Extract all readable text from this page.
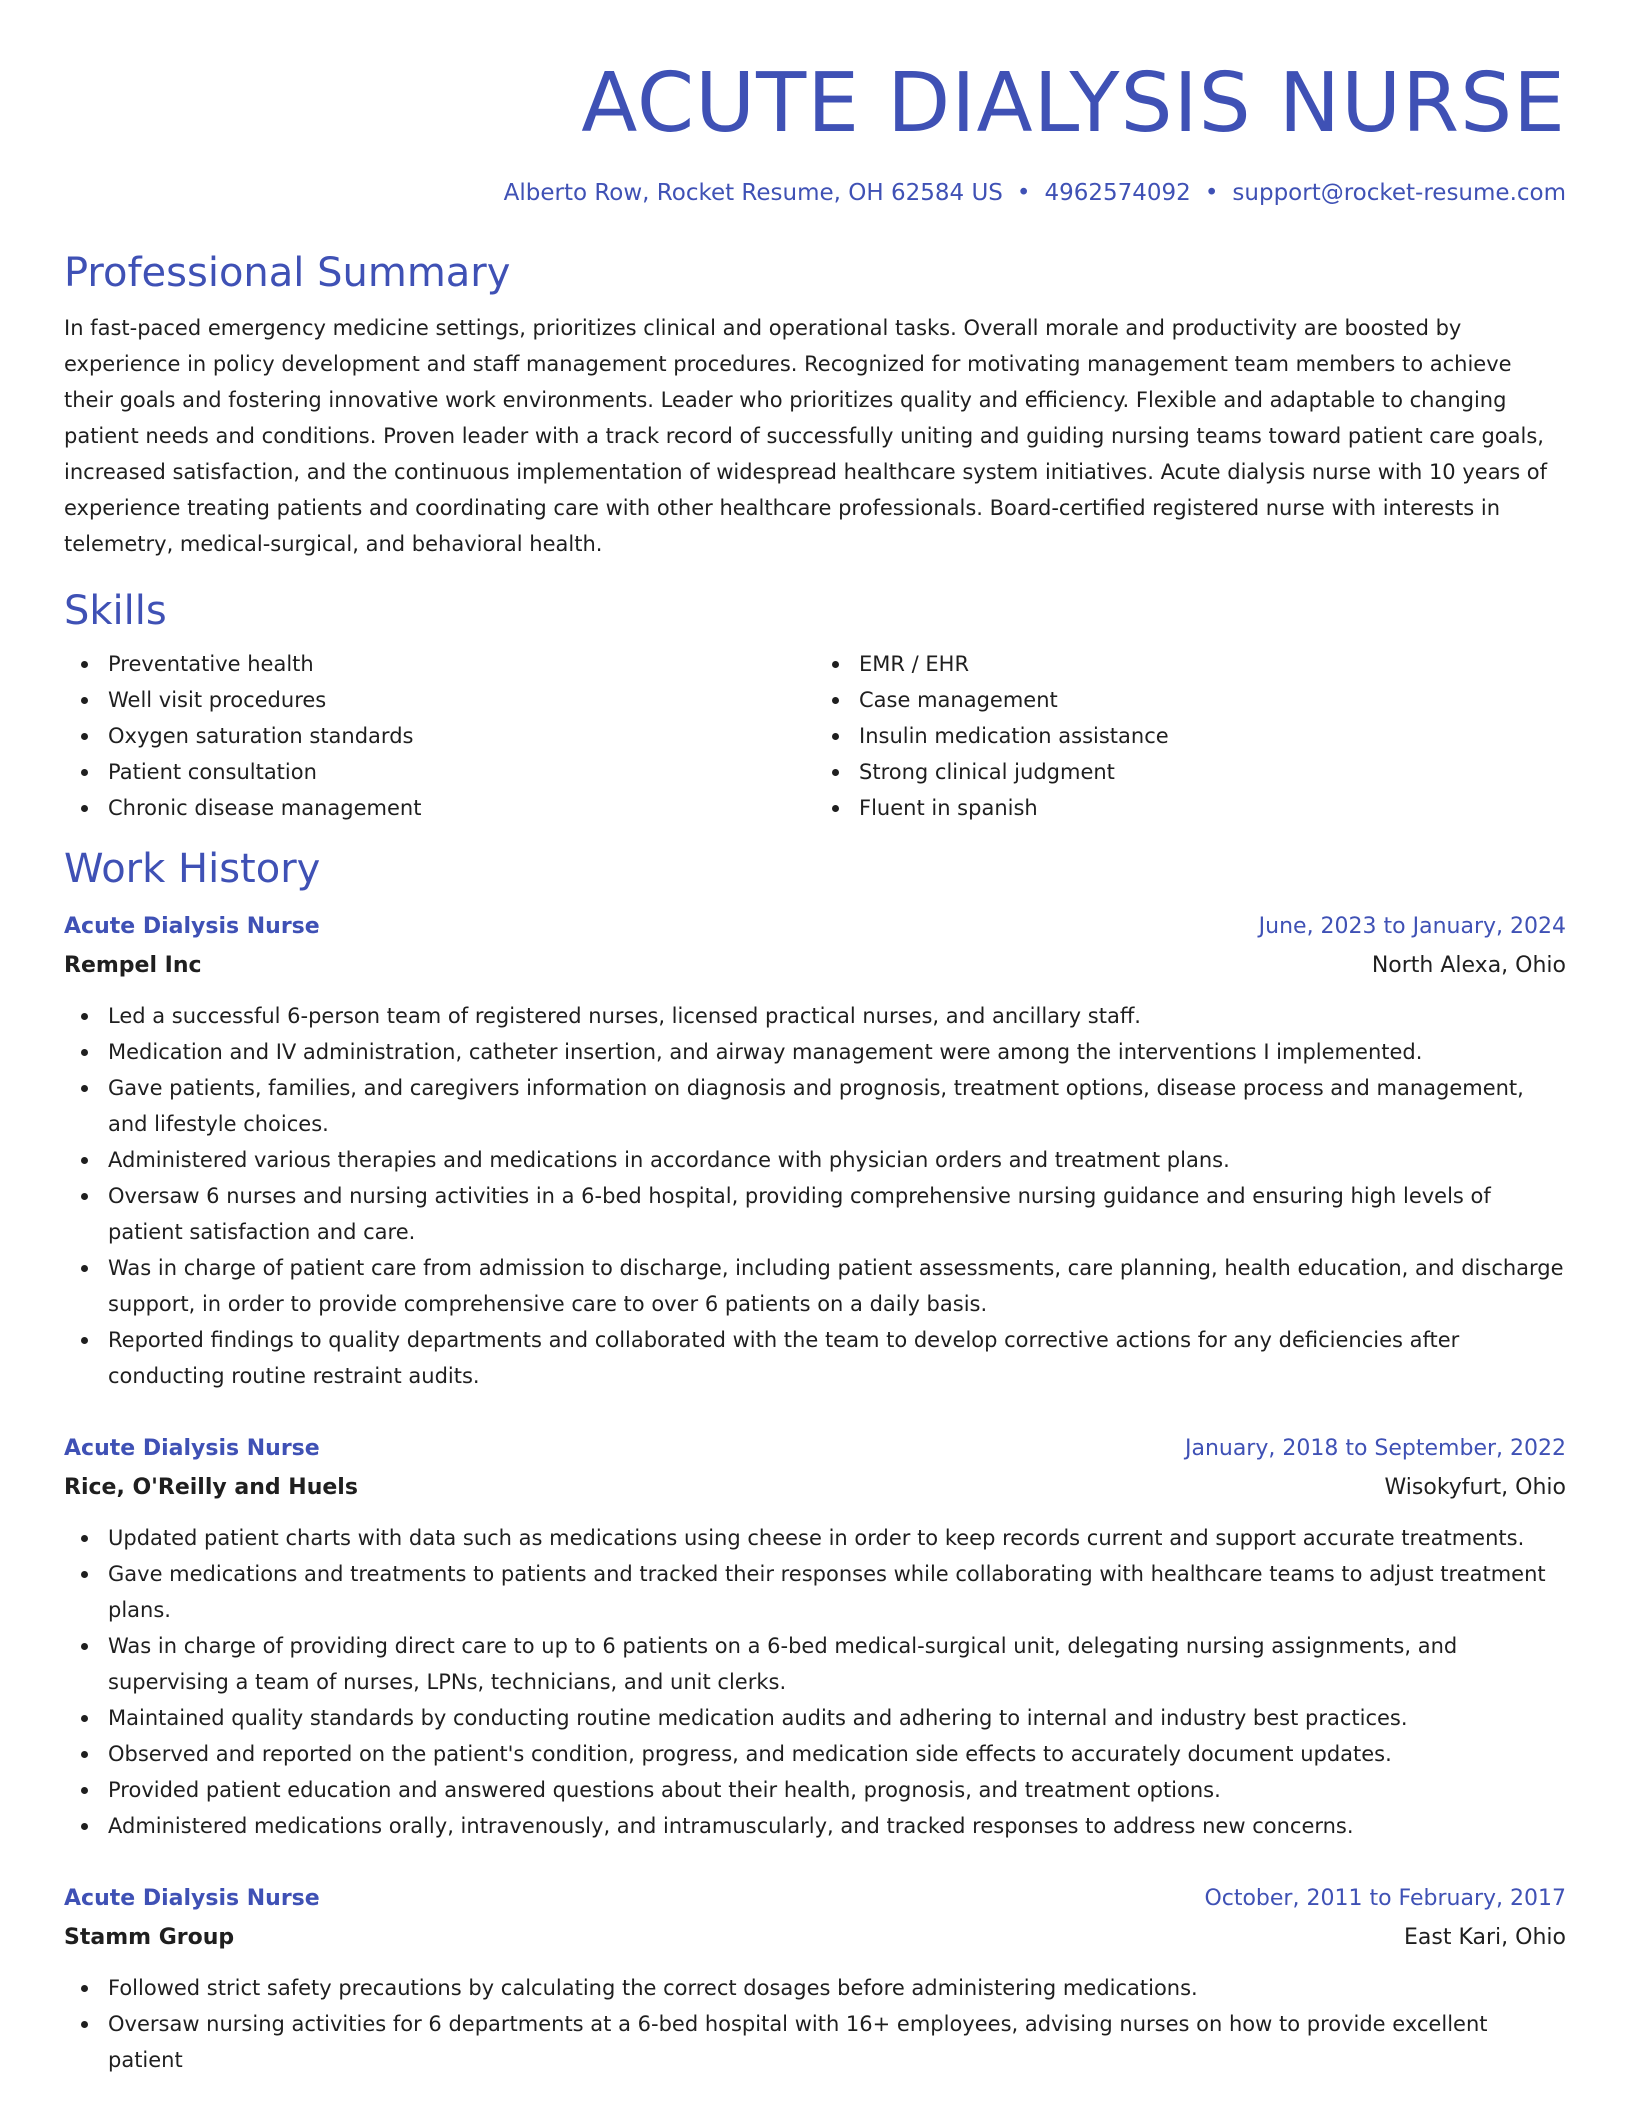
ACUTE DIALYSIS NURSE
Alberto Row, Rocket Resume, OH 62584 US • 4962574092 • support@rocket-resume.com
Professional Summary

In fast-paced emergency medicine settings, prioritizes clinical and operational tasks. Overall morale and productivity are boosted by experience in policy development and staff management procedures. Recognized for motivating management team members to achieve their goals and fostering innovative work environments. Leader who prioritizes quality and efficiency. Flexible and adaptable to changing patient needs and conditions. Proven leader with a track record of successfully uniting and guiding nursing teams toward patient care goals, increased satisfaction, and the continuous implementation of widespread healthcare system initiatives. Acute dialysis nurse with 10 years of experience treating patients and coordinating care with other healthcare professionals. Board-certified registered nurse with interests in telemetry, medical-surgical, and behavioral health.

Skills
Preventative health
Well visit procedures
Oxygen saturation standards
Patient consultation
Chronic disease management
EMR / EHR
Case management
Insulin medication assistance
Strong clinical judgment
Fluent in spanish
Work History
Acute Dialysis Nurse	June, 2023 to January, 2024
Rempel Inc	North Alexa, Ohio
Led a successful 6-person team of registered nurses, licensed practical nurses, and ancillary staff.
Medication and IV administration, catheter insertion, and airway management were among the interventions I implemented.
Gave patients, families, and caregivers information on diagnosis and prognosis, treatment options, disease process and management, and lifestyle choices.
Administered various therapies and medications in accordance with physician orders and treatment plans.
Oversaw 6 nurses and nursing activities in a 6-bed hospital, providing comprehensive nursing guidance and ensuring high levels of patient satisfaction and care.
Was in charge of patient care from admission to discharge, including patient assessments, care planning, health education, and discharge support, in order to provide comprehensive care to over 6 patients on a daily basis.
Reported findings to quality departments and collaborated with the team to develop corrective actions for any deficiencies after conducting routine restraint audits.
Acute Dialysis Nurse	January, 2018 to September, 2022
Rice, O'Reilly and Huels	Wisokyfurt, Ohio
Updated patient charts with data such as medications using cheese in order to keep records current and support accurate treatments.
Gave medications and treatments to patients and tracked their responses while collaborating with healthcare teams to adjust treatment plans.
Was in charge of providing direct care to up to 6 patients on a 6-bed medical-surgical unit, delegating nursing assignments, and supervising a team of nurses, LPNs, technicians, and unit clerks.
Maintained quality standards by conducting routine medication audits and adhering to internal and industry best practices.
Observed and reported on the patient's condition, progress, and medication side effects to accurately document updates.
Provided patient education and answered questions about their health, prognosis, and treatment options.
Administered medications orally, intravenously, and intramuscularly, and tracked responses to address new concerns.
Acute Dialysis Nurse	October, 2011 to February, 2017
Stamm Group	East Kari, Ohio
Followed strict safety precautions by calculating the correct dosages before administering medications.
Oversaw nursing activities for 6 departments at a 6-bed hospital with 16+ employees, advising nurses on how to provide excellent patient
